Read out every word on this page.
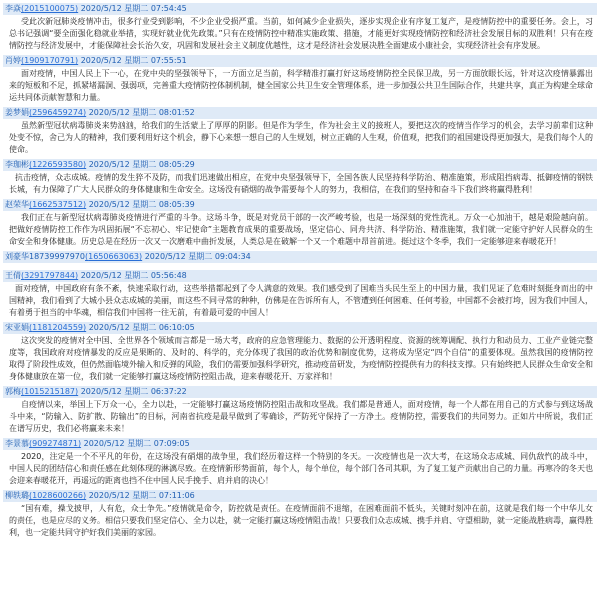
李焱(2015100075) 2020/5/12 星期二 07:54:45

受此次新冠肺炎疫情冲击，很多行业受到影响，不少企业受损严重。当前，如何减少企业损失，逐步实现企业有序复工复产，是疫情防控中的重要任务。会上，习总书记强调“要全面强化稳就业举措，实现好就业优先政策。”只有在疫情防控中精准实施政策、措施，才能更好实现疫情防控和经济社会发展目标的双胜利！只有在疫情防控与经济发展中，才能保障社会长治久安，巩固和发展社会主义制度优越性，这才是经济社会发展决胜全面建成小康社会，实现经济社会有序发展。

肖婷(1909170791) 2020/5/12 星期二 07:55:51

面对疫情，中国人民上下一心，在党中央的坚强领导下，一方面立足当前，科学精准打赢打好这场疫情防控全民保卫战，另一方面放眼长远，针对这次疫情暴露出来的短板和不足，抓紧堵漏洞、强弱项，完善重大疫情防控体制机制，健全国家公共卫生安全管理体系，进一步加强公共卫生国际合作，共建共享，真正为构建全球命运共同体贡献智慧和力量。

姜梦娟(2596459274) 2020/5/12 星期二 08:01:52

虽然新型冠状病毒肺炎来势汹汹，给我们的生活蒙上了厚厚的阴影。但是作为学生，作为社会主义的接班人，要把这次的疫情当作学习的机会，去学习前辈们这种处变不惊，舍己为人的精神，我们要利用好这个机会，静下心来想一想自己的人生规划，树立正确的人生观，价值观，把我们的祖国建设得更加强大，是我们每个人的使命。

李珈彬(1226593580) 2020/5/12 星期二 08:05:29

抗击疫情，众志成城。疫情的发生猝不及防，而我们迅速做出相应，在党中央坚强领导下，全国各族人民坚持科学防治、精准施策，形成阻挡病毒、抵御疫情的钢铁长城，有力保障了广大人民群众的身体健康和生命安全。这场没有硝烟的战争需要每个人的努力，我相信，在我们的坚持和奋斗下我们终将赢得胜利！

赵荣华(1662537512) 2020/5/12 星期二 08:05:39

我们正在与新型冠状病毒肺炎疫情进行严重的斗争。这场斗争，既是对党员干部的一次严峻考验，也是一场深刻的党性洗礼。万众一心加油干，越是艰险越向前。把做好疫情防控工作作为巩固拓展“不忘初心、牢记使命”主题教育成果的重要战场，坚定信心、同舟共济、科学防治、精准施策，我们就一定能守护好人民群众的生命安全和身体健康。历史总是在经历一次又一次磨难中曲折发展，人类总是在破解一个又一个难题中昂首前进。挺过这个冬季，我们一定能够迎来春暖花开！

刘豪华18739997970(1650663063) 2020/5/12 星期二 09:04:34

王倩(3291797844) 2020/5/12 星期二 05:56:48

面对疫情，中国政府有条不紊，快速采取行动，这些举措都起到了令人满意的效果。我们感受到了国难当头民生至上的中国力量，我们见证了危难时刻挺身而出的中国精神，我们看到了大城小县众志成城的美丽，而这些不同寻常的种种，仿佛是在告诉所有人，不管遭到任何困难、任何考验，中国都不会被打垮，因为我们中国人，有着勇于担当的中华魂，相信我们中国将一往无前，有着最可爱的中国人！

宋亚娟(1181204559) 2020/5/12 星期二 06:10:05

这次突发的疫情对全中国、全世界各个领域而言都是一场大考，政府的应急管理能力、数据的公开透明程度、资源的统筹调配、执行力和动员力、工业产业链完整度等，我国政府对疫情暴发的反应是果断的、及时的、科学的，充分体现了我国的政治优势和制度优势，这将成为坚定“四个自信”的重要体现。虽然我国的疫情防控取得了阶段性成效，但仍然面临境外输入和反弹的风险，我们仍需要加强科学研究，推动疫苗研发，为疫情防控提供有力的科技支撑。只有始终把人民群众生命安全和身体健康放在第一位，我们就一定能够打赢这场疫情防控阻击战，迎来春暖花开、万家祥和！

郭梅(1015215187) 2020/5/12 星期二 06:37:22

自疫情以来，举国上下万众一心，全力以赴，一定能够打赢这场疫情防控阻击战和攻坚战。我们都是普通人，面对疫情，每一个人都在用自己的方式参与到这场战斗中来，“防输入、防扩散、防输出”的目标，河南省抗疫是最早做到了零确诊，严防死守保持了一方净土。疫情防控，需要我们的共同努力。正如片中所说，我们正在谱写历史，我们必将赢来未来！

李景慕(909274871) 2020/5/12 星期二 07:09:05

2020，注定是一个不平凡的年份，在这场没有硝烟的战争里，我们经历着这样一个特别的冬天。一次疫情也是一次大考，在这场众志成城、同仇敌忾的战斗中，中国人民的团结信心和责任感在此刻体现的淋漓尽致。在疫情新形势面前，每个人，每个单位，每个部门各司其职，为了复工复产贡献出自己的力量。再寒冷的冬天也会迎来春暖花开，再遥远的距离也挡不住中国人民手挽手、肩并肩的决心！

柳轶璐(1028600266) 2020/5/12 星期二 07:11:06

“国有难，操戈披甲，人有危，众士争先。”疫情就是命令，防控就是责任。在疫情面前不退缩，在困难面前不低头，关键时刻冲在前，这就是我们每一个中华儿女的责任，也是应尽的义务。相信只要我们坚定信心、全力以赴，就一定能打赢这场疫情阻击战！只要我们众志成城、携手并肩、守望相助，就一定能战胜病毒，赢得胜利，也一定能共同守护好我们美丽的家园。
